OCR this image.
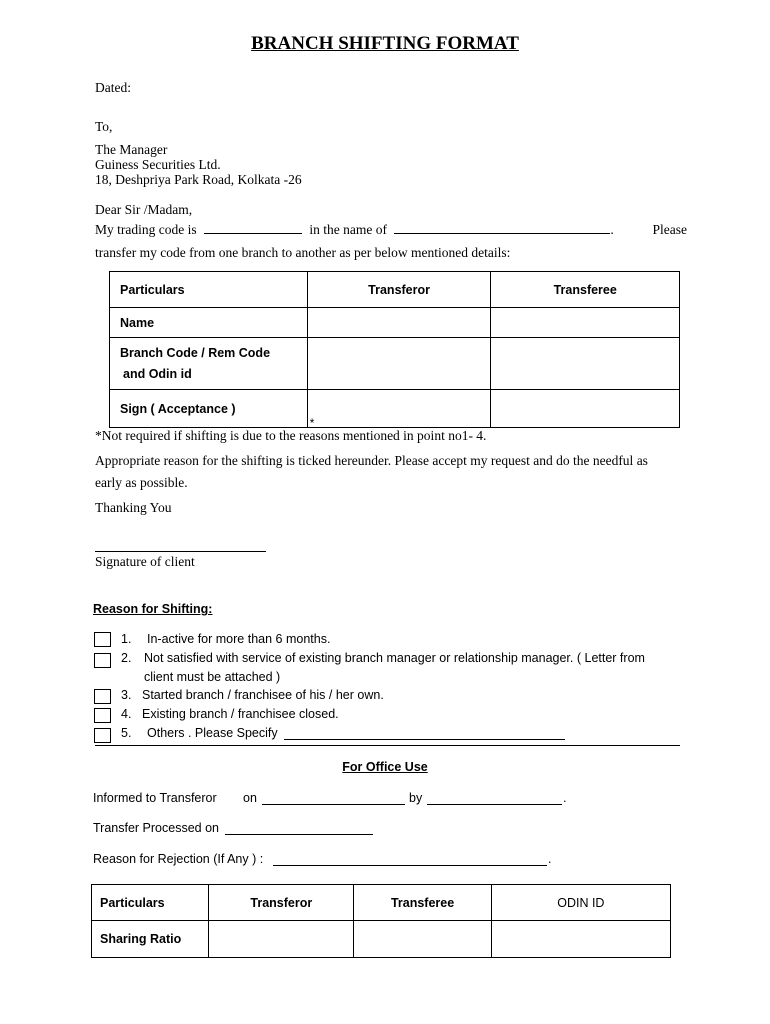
BRANCH SHIFTING FORMAT
Dated:
To,
The Manager
Guiness Securities Ltd.
18, Deshpriya Park Road, Kolkata -26
Dear Sir /Madam,
My trading code is	in the name of	.	Please
transfer my code from one branch to another as per below mentioned details:
Particulars	Transferor	Transferee
Name		

Branch Code / Rem Code
and Odin id		

Sign ( Acceptance )	*	

*Not required if shifting is due to the reasons mentioned in point no1- 4.
Appropriate reason for the shifting is ticked hereunder. Please accept my request and do the needful as
early as possible.
Thanking You
Signature of client
Reason for Shifting:
1. In-active for more than 6 months.
2. Not satisfied with service of existing branch manager or relationship manager. ( Letter from
client must be attached )
3. Started branch / franchisee of his / her own.
4. Existing branch / franchisee closed.
5. Others . Please Specify
For Office Use
Informed to Transferor on	by	.
Transfer Processed on
Reason for Rejection (If Any ) :	.
Particulars	Transferor	Transferee	ODIN ID
Sharing Ratio			
